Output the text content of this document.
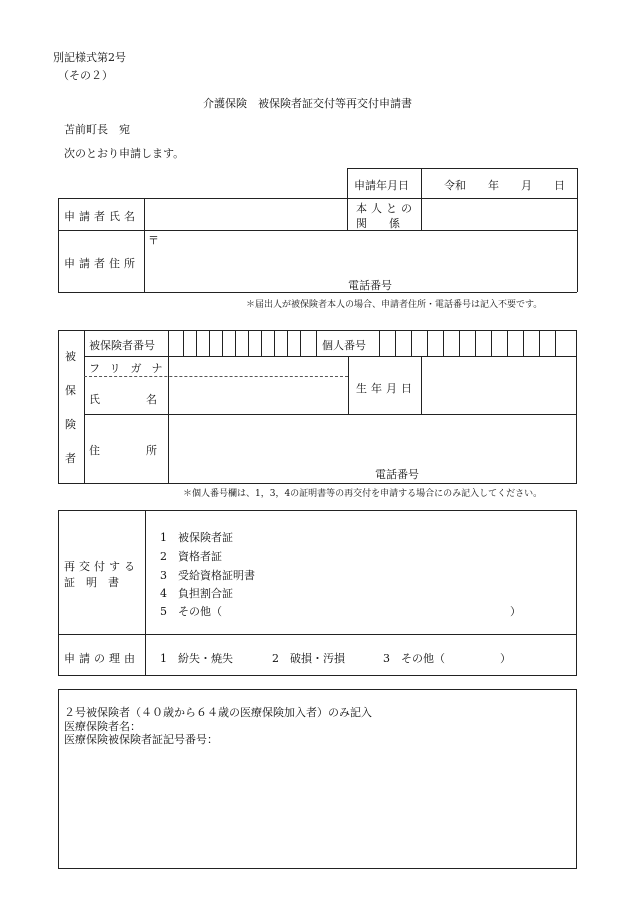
別記様式第2号
（その２）
介護保険　被保険者証交付等再交付申請書
苫前町長　宛
次のとおり申請します。
申請年月日	令和　　年　　月　　日
申請者氏名
本人との
関　　係
〒
申請者住所
電話番号
＊届出人が被保険者本人の場合、申請者住所・電話番号は記入不要です。
被
保
険
者
被保険者番号	個人番号
フリガナ
氏名
生年月日
住所
電話番号
＊個人番号欄は、1，3，4の証明書等の再交付を申請する場合にのみ記入してください。
再交付する
証　明　書
1　被保険者証
2　資格者証
3　受給資格証明書
4　負担割合証
5　その他（	）
申請の理由 1　紛失・焼失	2　破損・汚損	3　その他（	）
２号被保険者（４０歳から６４歳の医療保険加入者）のみ記入
医療保険者名：
医療保険被保険者証記号番号：
